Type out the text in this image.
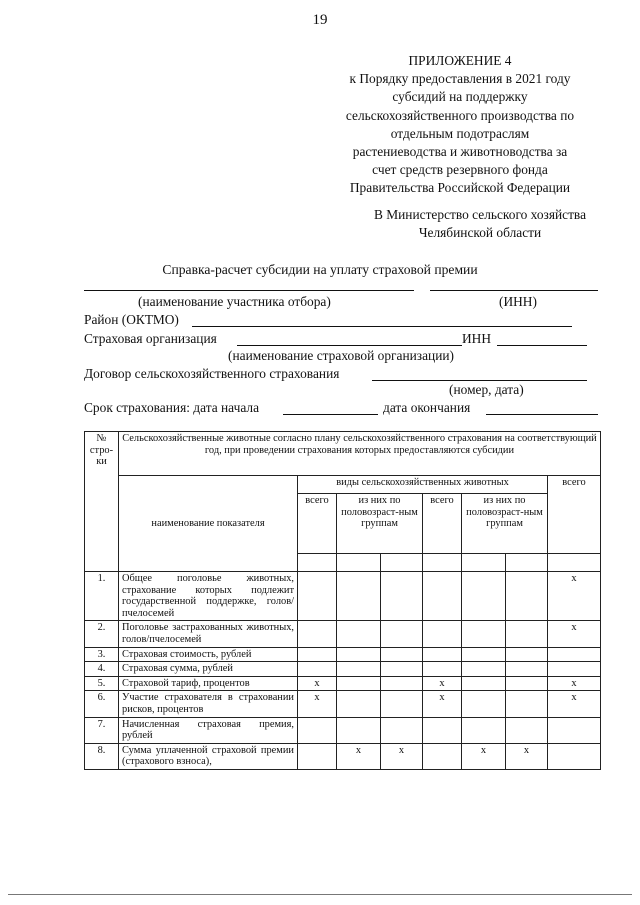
19
ПРИЛОЖЕНИЕ 4
к Порядку предоставления в 2021 году
субсидий на поддержку
сельскохозяйственного производства по
отдельным подотраслям
растениеводства и животноводства за
счет средств резервного фонда
Правительства Российской Федерации
В Министерство сельского хозяйства
Челябинской области
Справка-расчет субсидии на уплату страховой премии
(наименование участника отбора)	(ИНН)
Район (ОКТМО)
Страховая организация	ИНН
(наименование страховой организации)
Договор сельскохозяйственного страхования
(номер, дата)
Срок страхования: дата начала	дата окончания
№ стро-ки	Сельскохозяйственные животные согласно плану сельскохозяйственного страхования на соответствующий год, при проведении страхования которых предоставляются субсидии							
	наименование показателя	виды сельскохозяйственных животных						всего
		всего	из них по половозраст-ным группам		всего	из них по половозраст-ным группам		

1.	Общее поголовье животных, страхование которых подлежит государственной поддержке, голов/пчелосемей							x
2.	Поголовье застрахованных животных, голов/пчелосемей							x
3.	Страховая стоимость, рублей							
4.	Страховая сумма, рублей							
5.	Страховой тариф, процентов	x			x			x
6.	Участие страхователя в страховании рисков, процентов	x			x			x
7.	Начисленная страховая премия, рублей							
8.	Сумма уплаченной страховой премии (страхового взноса),		x	x		x	x	
